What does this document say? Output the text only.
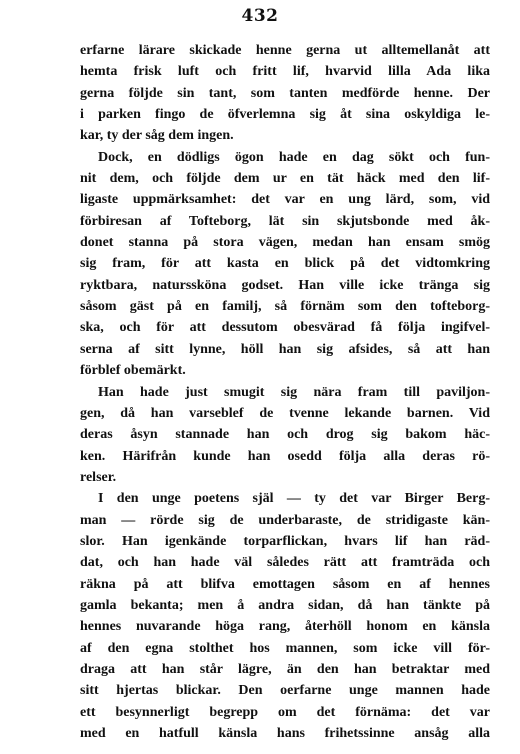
432
erfarne lärare skickade henne gerna ut alltemellanåt att
hemta frisk luft och fritt lif, hvarvid lilla Ada lika
gerna följde sin tant, som tanten medförde henne. Der
i parken fingo de öfverlemna sig åt sina oskyldiga le-
kar, ty der såg dem ingen.
Dock, en dödligs ögon hade en dag sökt och fun-
nit dem, och följde dem ur en tät häck med den lif-
ligaste uppmärksamhet: det var en ung lärd, som, vid
förbiresan af Tofteborg, lät sin skjutsbonde med åk-
donet stanna på stora vägen, medan han ensam smög
sig fram, för att kasta en blick på det vidtomkring
ryktbara, naturssköna godset. Han ville icke tränga sig
såsom gäst på en familj, så förnäm som den tofteborg-
ska, och för att dessutom obesvärad få följa ingifvel-
serna af sitt lynne, höll han sig afsides, så att han
förblef obemärkt.
Han hade just smugit sig nära fram till paviljon-
gen, då han varseblef de tvenne lekande barnen. Vid
deras åsyn stannade han och drog sig bakom häc-
ken. Härifrån kunde han osedd följa alla deras rö-
relser.
I den unge poetens själ — ty det var Birger Berg-
man — rörde sig de underbaraste, de stridigaste kän-
slor. Han igenkände torparflickan, hvars lif han räd-
dat, och han hade väl således rätt att framträda och
räkna på att blifva emottagen såsom en af hennes
gamla bekanta; men å andra sidan, då han tänkte på
hennes nuvarande höga rang, återhöll honom en känsla
af den egna stolthet hos mannen, som icke vill för-
draga att han står lägre, än den han betraktar med
sitt hjertas blickar. Den oerfarne unge mannen hade
ett besynnerligt begrepp om det förnäma: det var
med en hatfull känsla hans frihetssinne ansåg alla
